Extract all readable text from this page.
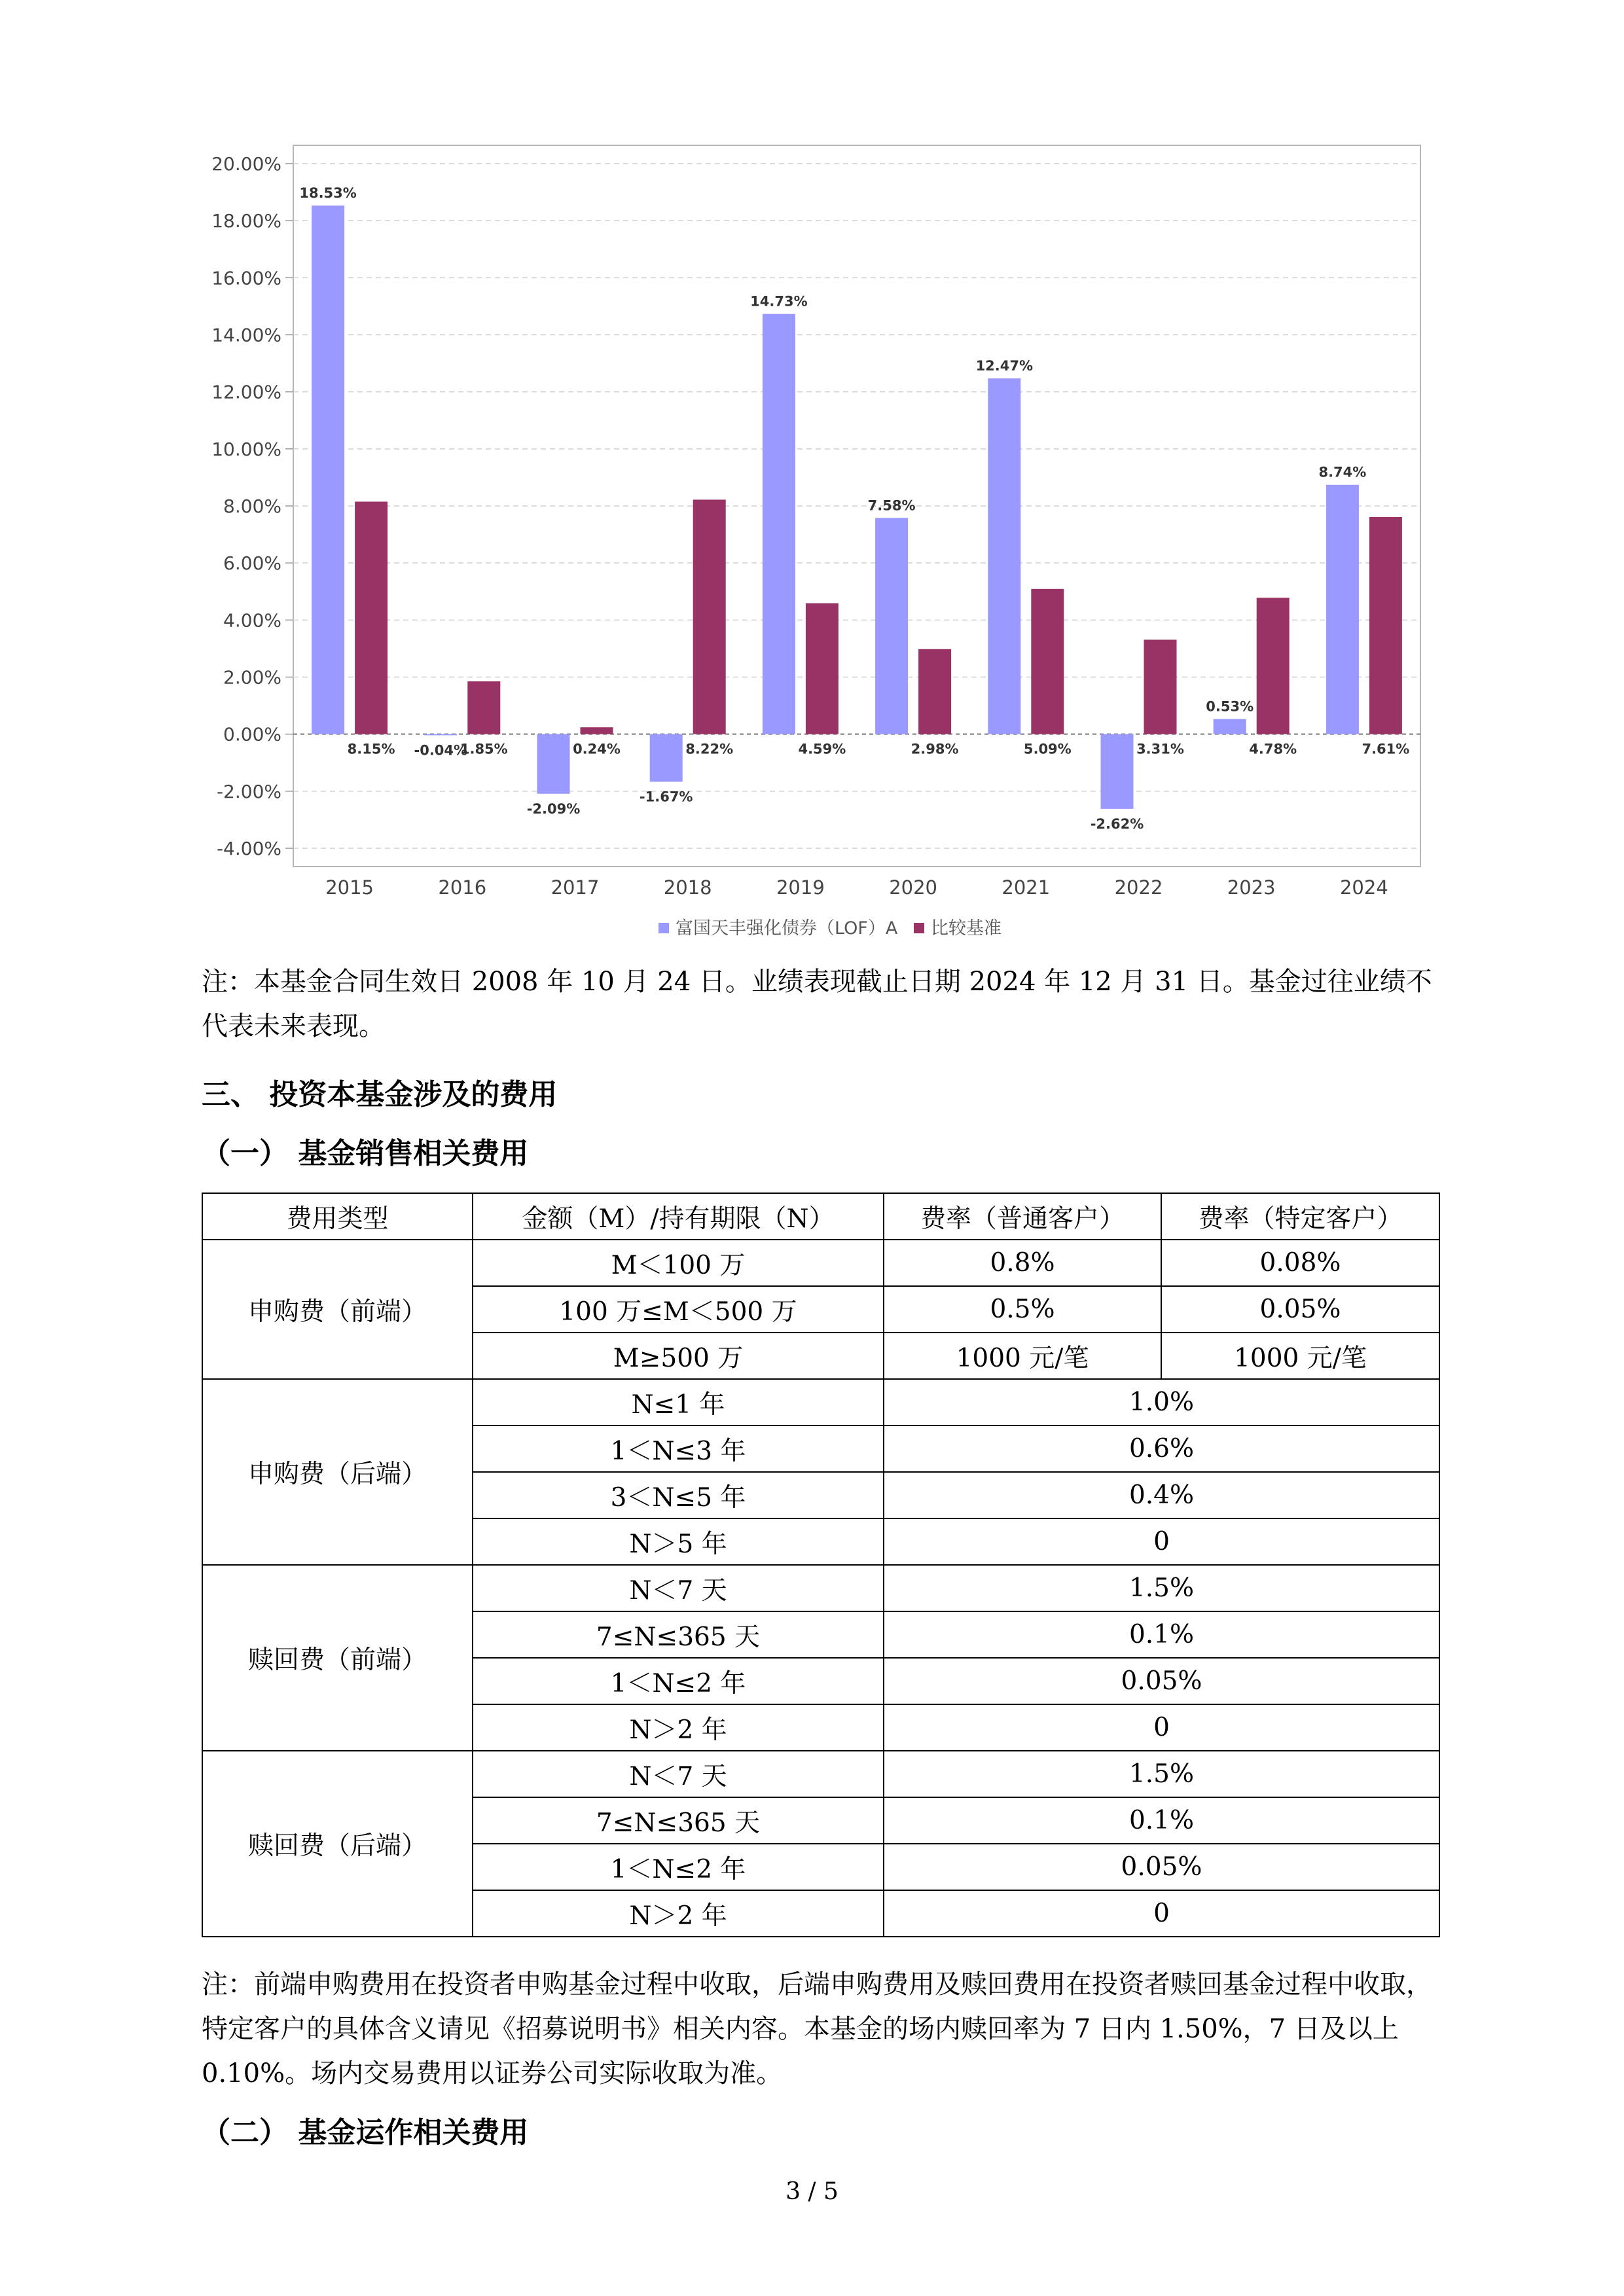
20.00%
18.00%
16.00%
14.00%
12.00%
10.00%
8.00%
6.00%
4.00%
2.00%
0.00%
-2.00%
-4.00%
18.53%
8.15% -0.04%
1.85%
-2.09%
0.24%
-1.67%
8.22%
14.73%
4.59%
7.58%
2.98%
12.47%
5.09%
-2.62%
3.31%
0.53%
4.78%
8.74%
7.61%
2015	2016	2017	2018	2019	2020	2021	2022	2023	2024
富国天丰强化债券（LOF）A 比较基准

注：本基金合同生效日 2008 年 10 月 24 日。业绩表现截止日期 2024 年 12 月 31 日。基金过往业绩不代表未来表现。

三、 投资本基金涉及的费用

（一） 基金销售相关费用

费用类型	金额（M）/持有期限（N）	费率（普通客户）	费率（特定客户）
申购费（前端）	M＜100 万	0.8%	0.08%
	100 万≤M＜500 万	0.5%	0.05%
	M≥500 万	1000 元/笔	1000 元/笔
申购费（后端）	N≤1 年	1.0%	
	1＜N≤3 年	0.6%	
	3＜N≤5 年	0.4%	
	N＞5 年	0	
赎回费（前端）	N＜7 天	1.5%	
	7≤N≤365 天	0.1%	
	1＜N≤2 年	0.05%	
	N＞2 年	0	
赎回费（后端）	N＜7 天	1.5%	
	7≤N≤365 天	0.1%	
	1＜N≤2 年	0.05%	
	N＞2 年	0	

注：前端申购费用在投资者申购基金过程中收取，后端申购费用及赎回费用在投资者赎回基金过程中收取，特定客户的具体含义请见《招募说明书》相关内容。本基金的场内赎回率为 7 日内 1.50%，7 日及以上 0.10%。场内交易费用以证券公司实际收取为准。

（二） 基金运作相关费用

3 / 5
